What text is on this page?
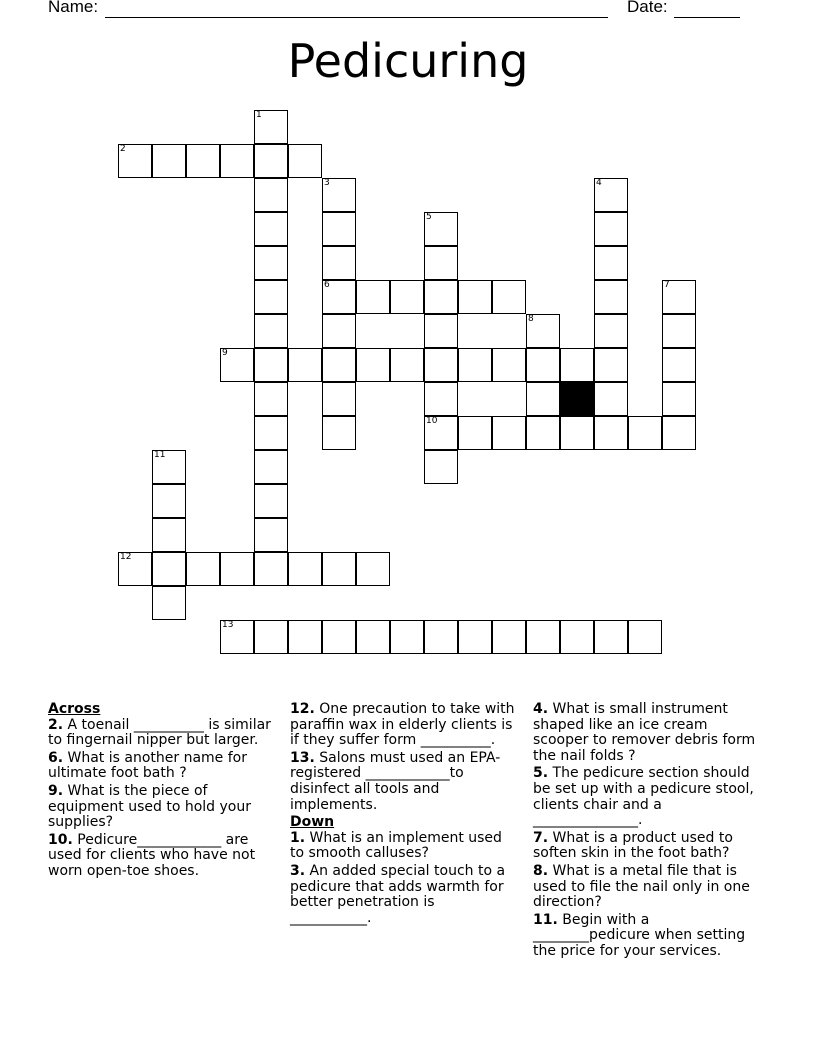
Name:	Date:
Pedicuring
1
2
3	4
5
6	7
8
9
10
11
12
13
Across
2. A toenail __________ is similar to fingernail nipper but larger.
6. What is another name for ultimate foot bath ?
9. What is the piece of equipment used to hold your supplies?
10. Pedicure____________ are used for clients who have not worn open-toe shoes.
12. One precaution to take with paraffin wax in elderly clients is if they suffer form __________.
13. Salons must used an EPA-registered ____________to disinfect all tools and implements.
Down
1. What is an implement used to smooth calluses?
3. An added special touch to a pedicure that adds warmth for better penetration is ___________.
4. What is small instrument shaped like an ice cream scooper to remover debris form the nail folds ?
5. The pedicure section should be set up with a pedicure stool, clients chair and a _______________.
7. What is a product used to soften skin in the foot bath?
8. What is a metal file that is used to file the nail only in one direction?
11. Begin with a ________pedicure when setting the price for your services.
